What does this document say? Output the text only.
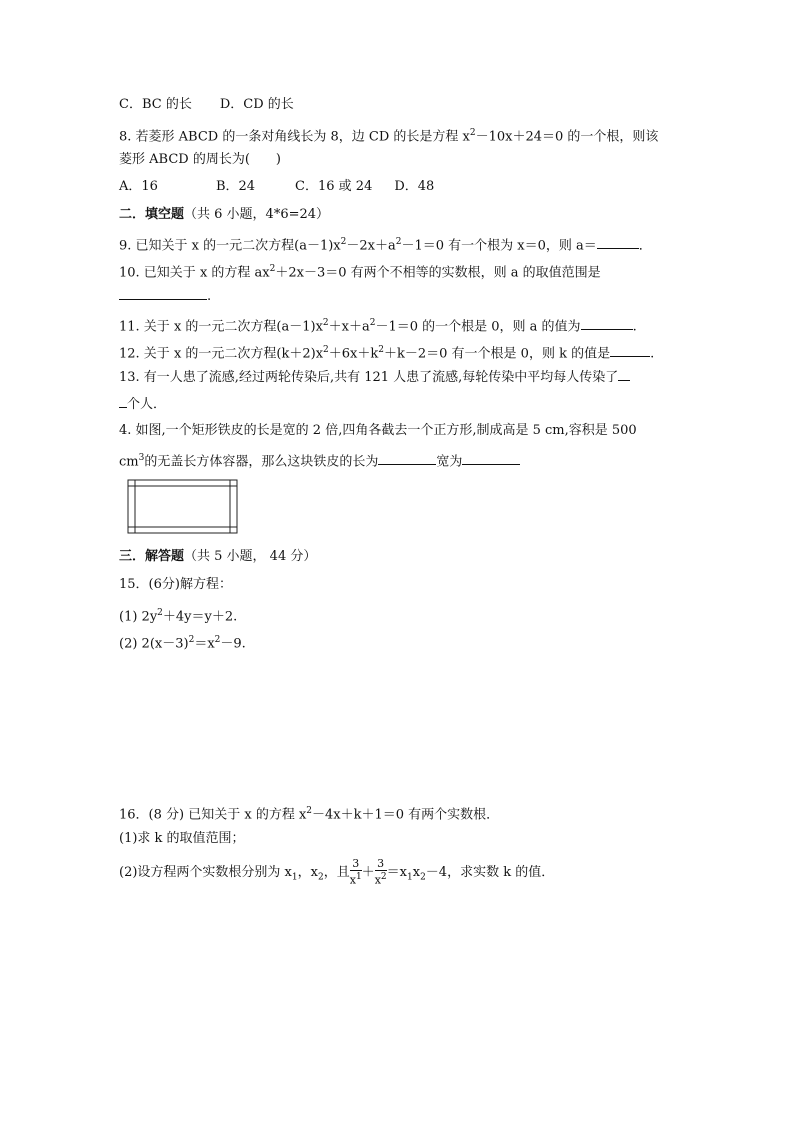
C．BC 的长 D．CD 的长
8. 若菱形 ABCD 的一条对角线长为 8，边 CD 的长是方程 $x^2-10x+24=0$ 的一个根，则该
菱形 ABCD 的周长为(　　)
A．16	B．24	C．16 或 24 D．48
二．填空题（共 6 小题，4*6=24）
9. 已知关于 x 的一元二次方程$(a-1)x^2-2x+a^2-1=0$ 有一个根为 x＝0，则 a＝	．
10. 已知关于 x 的方程 $ax^2+2x-3=0$ 有两个不相等的实数根，则 a 的取值范围是
.
11. 关于 x 的一元二次方程$(a-1)x^2+x+a^2-1=0$ 的一个根是 0，则 a 的值为	.
12. 关于 x 的一元二次方程$(k+2)x^2+6x+k^2+k-2=0$ 有一个根是 0，则 k 的值是	.
13. 有一人患了流感,经过两轮传染后,共有 121 人患了流感,每轮传染中平均每人传染了
个人．
4. 如图,一个矩形铁皮的长是宽的 2 倍,四角各截去一个正方形,制成高是 5 cm,容积是 500
$cm^3$的无盖长方体容器，那么这块铁皮的长为	宽为
三．解答题（共 5 小题， 44 分）
15．(6分)解方程：
(1) $2y^2+4y=y+2$.
(2) $2(x-3)^2=x^2-9$.
16．(8 分) 已知关于 x 的方程 $x^2-4x+k+1=0$ 有两个实数根．
(1)求 k 的取值范围；
(2)设方程两个实数根分别为 $x_1$，$x_2$，且 $\frac{3}{x^1} + \frac{3}{x^2} =x_1x_2-4$，求实数 k 的值．
